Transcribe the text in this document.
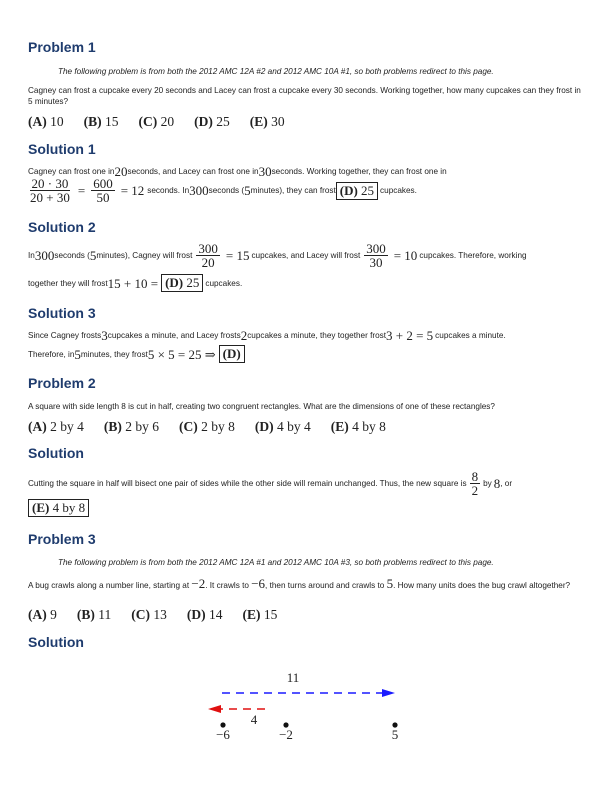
Problem 1

The following problem is from both the 2012 AMC 12A #2 and 2012 AMC 10A #1, so both problems redirect to this page.

Cagney can frost a cupcake every 20 seconds and Lacey can frost a cupcake every 30 seconds. Working together, how many cupcakes can they frost in 5 minutes?

(A) 10 (B) 15 (C) 20 (D) 25 (E) 30
Solution 1
Cagney can frost one in 20 seconds, and Lacey can frost one in 30 seconds. Working together, they can frost one in
$\frac{20 \cdot 30}{20 + 30} = \frac{600}{50} = 12$ seconds. In 300 seconds ( 5 minutes), they can frost (D) 25 cupcakes.
Solution 2
In 300 seconds ( 5 minutes), Cagney will frost $\frac{300}{20} = 15$ cupcakes, and Lacey will frost $\frac{300}{30} = 10$ cupcakes. Therefore, working
together they will frost 15 + 10 = (D) 25 cupcakes.
Solution 3
Since Cagney frosts 3 cupcakes a minute, and Lacey frosts 2 cupcakes a minute, they together frost 3 + 2 = 5 cupcakes a minute.
Therefore, in 5 minutes, they frost 5 × 5 = 25 ⇒ (D)
Problem 2

A square with side length 8 is cut in half, creating two congruent rectangles. What are the dimensions of one of these rectangles?

(A) 2 by 4 (B) 2 by 6 (C) 2 by 8 (D) 4 by 4 (E) 4 by 8
Solution
Cutting the square in half will bisect one pair of sides while the other side will remain unchanged. Thus, the new square is $\frac{8}{2}$ by 8 , or
(E) 4 by 8
Problem 3

The following problem is from both the 2012 AMC 12A #1 and 2012 AMC 10A #3, so both problems redirect to this page.

A bug crawls along a number line, starting at −2. It crawls to −6, then turns around and crawls to 5. How many units does the bug crawl altogether?
(A) 9 (B) 11 (C) 13 (D) 14 (E) 15
Solution
11
4
−6	−2	5
